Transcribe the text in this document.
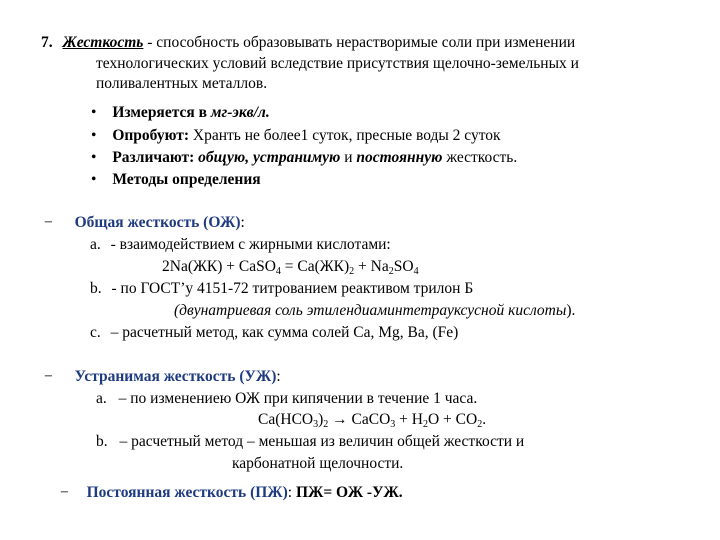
7. Жесткость - способность образовывать нерастворимые соли при изменении
технологических условий вследствие присутствия щелочно-земельных и
поливалентных металлов.
• Измеряется в мг-экв/л.
• Опробуют: Хранть не более1 суток, пресные воды 2 суток
• Различают: общую, устранимую и постоянную жесткость.
• Методы определения
− Общая жесткость (ОЖ):
a. - взаимодействием с жирными кислотами:
2Na(ЖК) + CaSO$_4$ = $Ca(ЖК)_2 + Na_2SO_4$
b. - по ГОСТ’у 4151-72 титрованием реактивом трилон Б
(двунатриевая соль этилендиаминтетрауксусной кислоты).
c. – расчетный метод, как сумма солей Ca, Mg, Ba, (Fe)
− Устранимая жесткость (УЖ):
a. – по изменениею ОЖ при кипячении в течение 1 часа.
$Ca(HCO_3)_2$ → CaCO$_3$ + $H_2O + CO_2$.
b. – расчетный метод – меньшая из величин общей жесткости и
карбонатной щелочности.
− Постоянная жесткость (ПЖ): ПЖ= ОЖ -УЖ.
